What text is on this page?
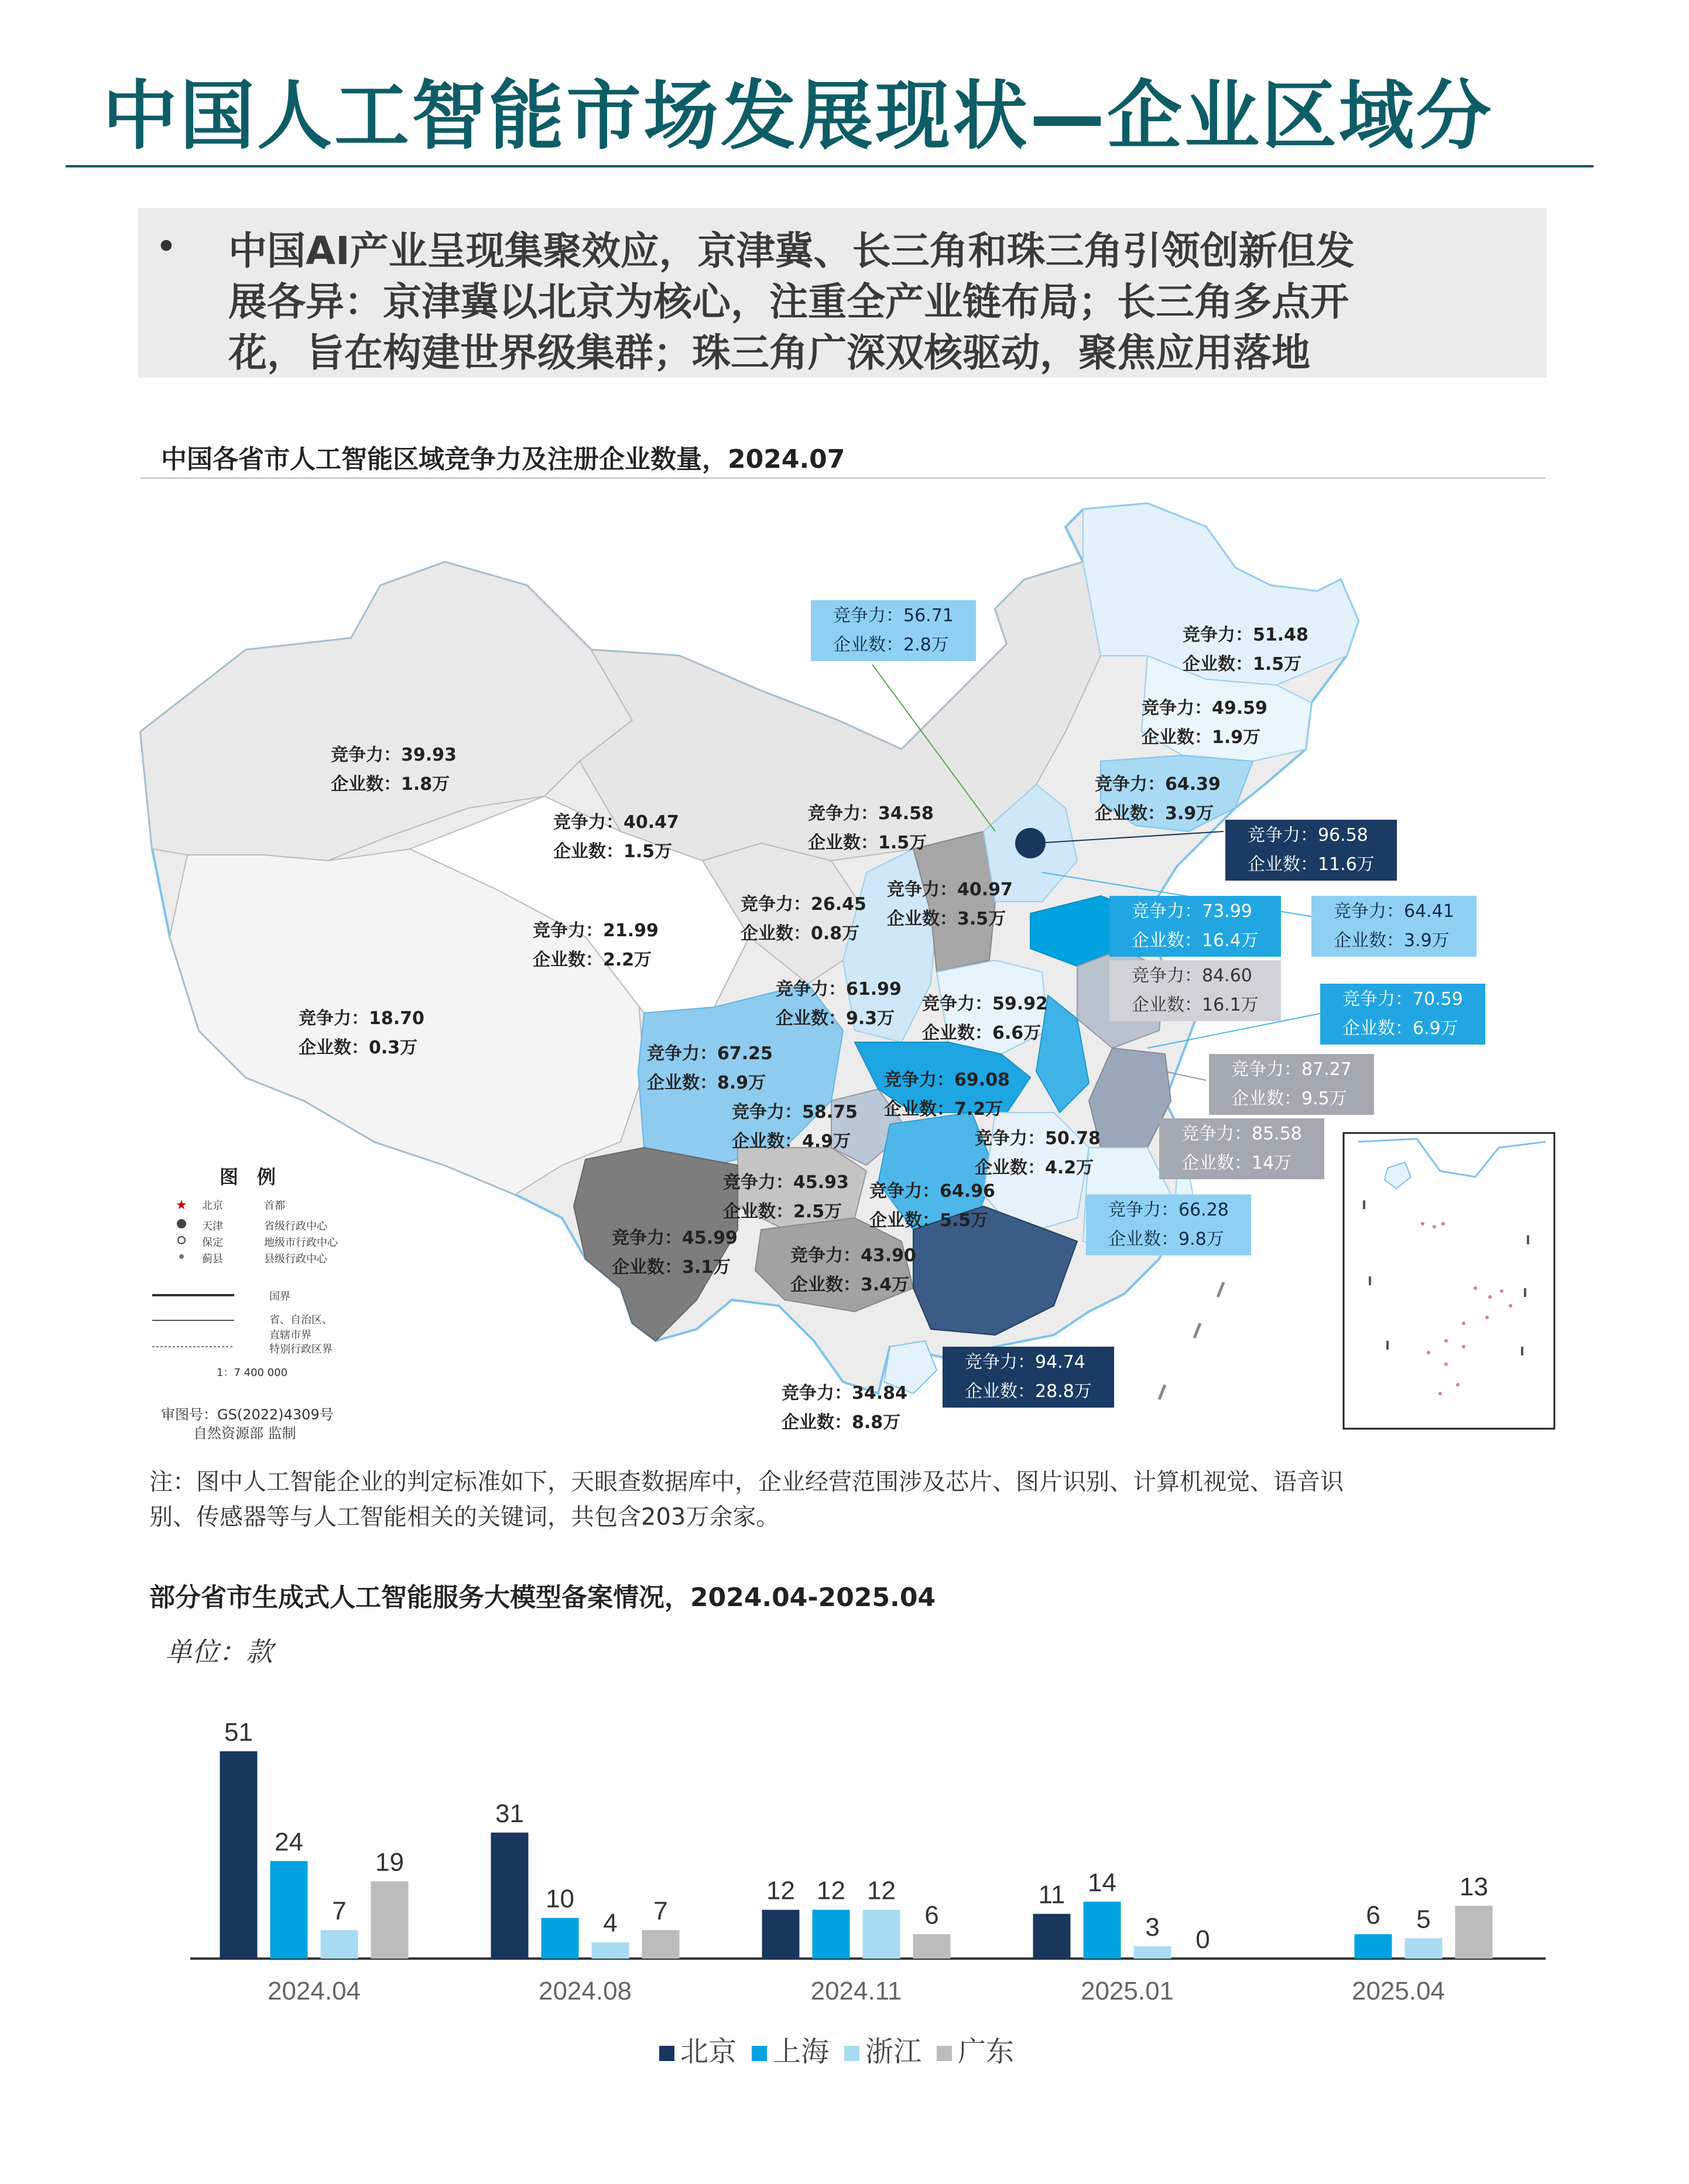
中国人工智能市场发展现状—企业区域分
• 中国AI产业呈现集聚效应，京津冀、长三角和珠三角引领创新但发
展各异：京津冀以北京为核心，注重全产业链布局；长三角多点开
花，旨在构建世界级集群；珠三角广深双核驱动，聚焦应用落地
中国各省市人工智能区域竞争力及注册企业数量，2024.07
★
竞争力：39.93
企业数：1.8万
竞争力：40.47
企业数：1.5万
竞争力：34.58
企业数：1.5万
竞争力：21.99
企业数：2.2万
竞争力：18.70
企业数：0.3万
竞争力：26.45
企业数：0.8万
竞争力：40.97
企业数：3.5万
竞争力：61.99
企业数：9.3万
竞争力：59.92
企业数：6.6万
竞争力：67.25
企业数：8.9万	竞争力：69.08
企业数：7.2万
竞争力：58.75
企业数：4.9万	竞争力：50.78
企业数：4.2万
竞争力：45.93
企业数：2.5万
竞争力：64.96
企业数：5.5万
竞争力：45.99
企业数：3.1万
竞争力：43.90
企业数：3.4万
竞争力：34.84
企业数：8.8万
竞争力：51.48
企业数：1.5万
竞争力：49.59
企业数：1.9万
竞争力：64.39
企业数：3.9万
竞争力：56.71
企业数：2.8万
竞争力：96.58
企业数：11.6万
竞争力：73.99
企业数：16.4万
竞争力：64.41
企业数：3.9万
竞争力：84.60
企业数：16.1万	竞争力：70.59
企业数：6.9万
竞争力：87.27
企业数：9.5万
竞争力：85.58
企业数：14万
竞争力：66.28
企业数：9.8万
竞争力：94.74
企业数：28.8万
图　例
北京	首都
天津	省级行政中心
保定	地级市行政中心
蓟县	县级行政中心
国界
省、自治区、直辖市界
特别行政区界
1：7 400 000
审图号：GS(2022)4309号
自然资源部 监制
注：图中人工智能企业的判定标准如下，天眼查数据库中，企业经营范围涉及芯片、图片识别、计算机视觉、语音识
别、传感器等与人工智能相关的关键词，共包含203万余家。
部分省市生成式人工智能服务大模型备案情况，2024.04-2025.04
单位：款
51
24
7
19
2024.04
31
10
4 7
2024.08
12 12 12
6
2024.11
11 14
3 0
2025.01
6 5
13
2025.04
北京 上海 浙江 广东
